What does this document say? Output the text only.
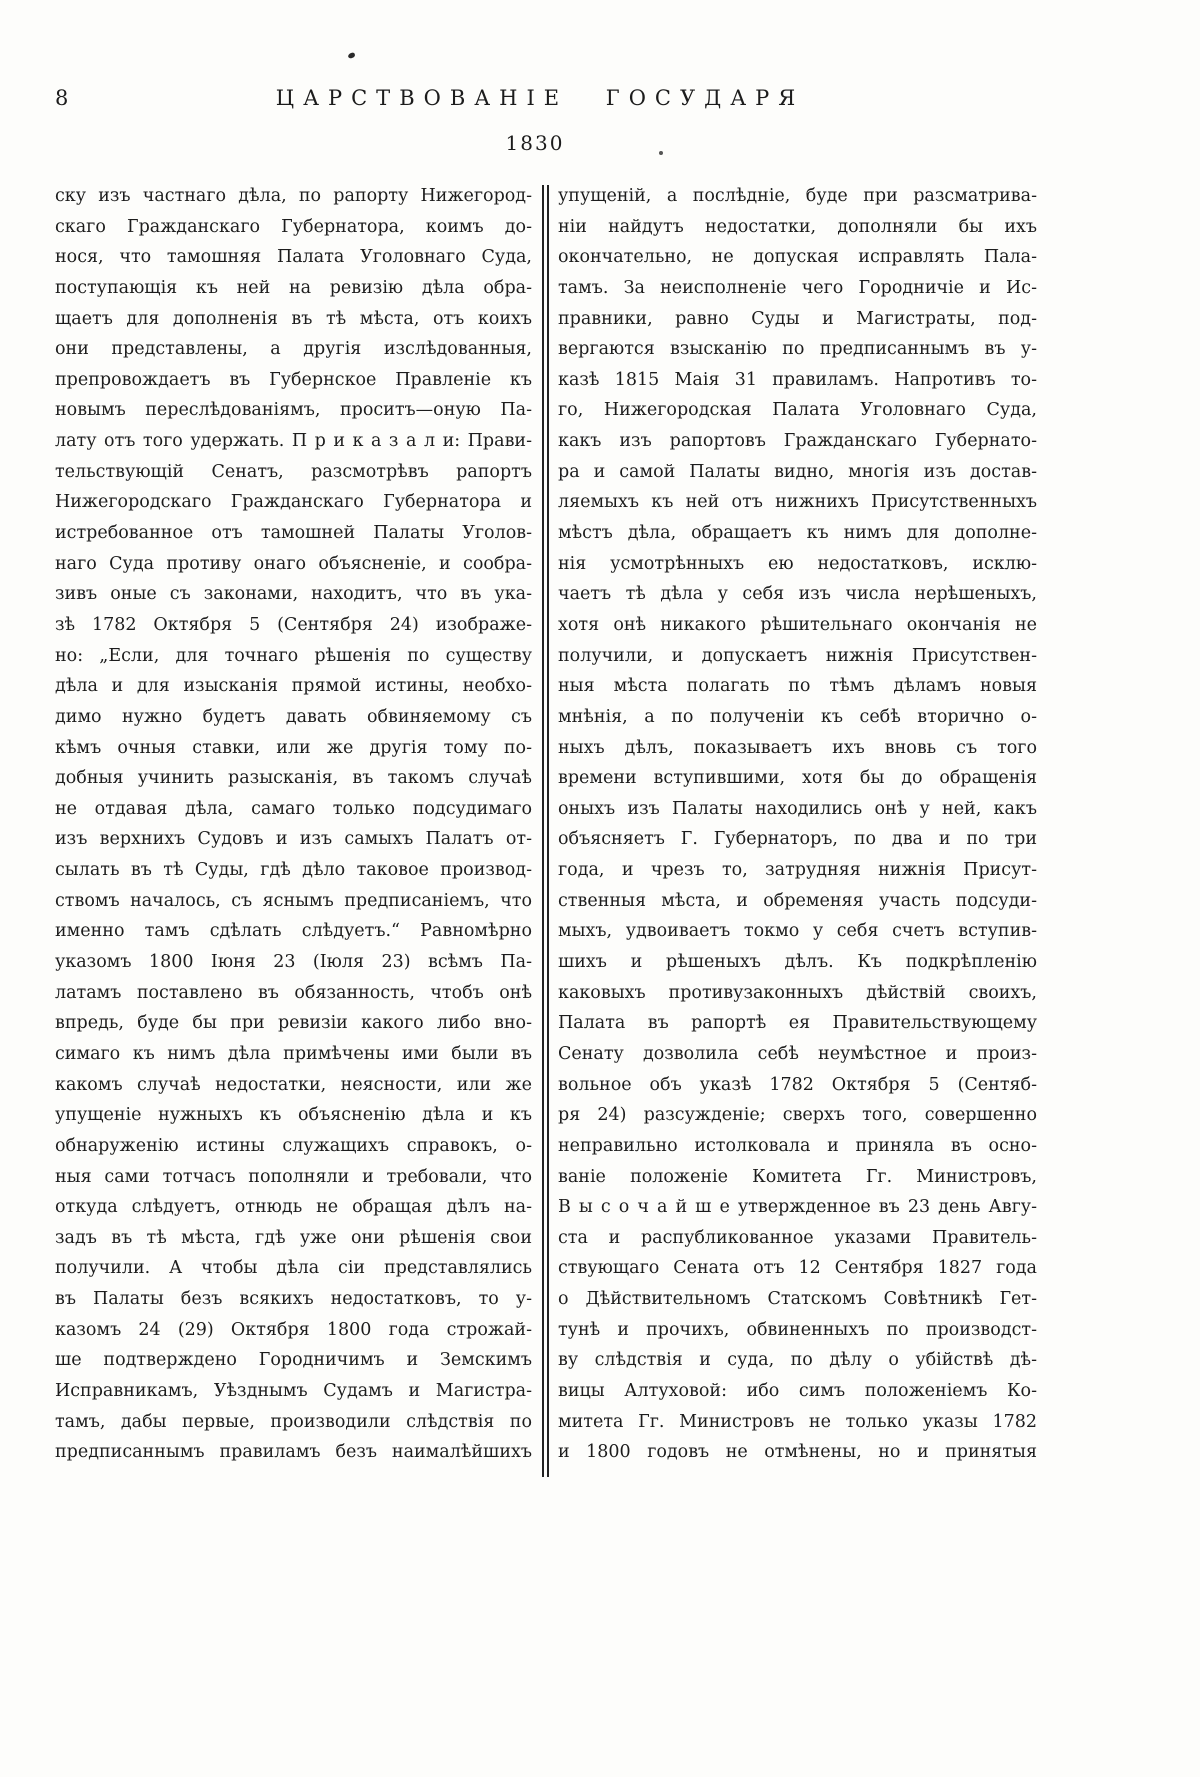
8	ЦАРСТВОВАНІЕ ГОСУДАРЯ
1830
ску изъ частнаго дѣла, по рапорту Нижегород-
скаго Гражданскаго Губернатора, коимъ до-
нося, что тамошняя Палата Уголовнаго Суда,
поступающія къ ней на ревизію дѣла обра-
щаетъ для дополненія въ тѣ мѣста, отъ коихъ
они представлены, а другія изслѣдованныя,
препровождаетъ въ Губернское Правленіе къ
новымъ переслѣдованіямъ, проситъ—оную Па-
лату отъ того удержать. П р и к а з а л и: Прави-
тельствующій Сенатъ, разсмотрѣвъ рапортъ
Нижегородскаго Гражданскаго Губернатора и
истребованное отъ тамошней Палаты Уголов-
наго Суда противу онаго объясненіе, и сообра-
зивъ оные съ законами, находитъ, что въ ука-
зѣ 1782 Октября 5 (Сентября 24) изображе-
но: „Если, для точнаго рѣшенія по существу
дѣла и для изысканія прямой истины, необхо-
димо нужно будетъ давать обвиняемому съ
кѣмъ очныя ставки, или же другія тому по-
добныя учинить разысканія, въ такомъ случаѣ
не отдавая дѣла, самаго только подсудимаго
изъ верхнихъ Судовъ и изъ самыхъ Палатъ от-
сылать въ тѣ Суды, гдѣ дѣло таковое производ-
ствомъ началось, съ яснымъ предписаніемъ, что
именно тамъ сдѣлать слѣдуетъ.“ Равномѣрно
указомъ 1800 Іюня 23 (Іюля 23) всѣмъ Па-
латамъ поставлено въ обязанность, чтобъ онѣ
впредь, буде бы при ревизіи какого либо вно-
симаго къ нимъ дѣла примѣчены ими были въ
какомъ случаѣ недостатки, неясности, или же
упущеніе нужныхъ къ объясненію дѣла и къ
обнаруженію истины служащихъ справокъ, о-
ныя сами тотчасъ пополняли и требовали, что
откуда слѣдуетъ, отнюдь не обращая дѣлъ на-
задъ въ тѣ мѣста, гдѣ уже они рѣшенія свои
получили. А чтобы дѣла сіи представлялись
въ Палаты безъ всякихъ недостатковъ, то у-
казомъ 24 (29) Октября 1800 года строжай-
ше подтверждено Городничимъ и Земскимъ
Исправникамъ, Уѣзднымъ Судамъ и Магистра-
тамъ, дабы первые, производили слѣдствія по
предписаннымъ правиламъ безъ наималѣйшихъ
упущеній, а послѣдніе, буде при разсматрива-
ніи найдутъ недостатки, дополняли бы ихъ
окончательно, не допуская исправлять Пала-
тамъ. За неисполненіе чего Городничіе и Ис-
правники, равно Суды и Магистраты, под-
вергаются взысканію по предписаннымъ въ у-
казѣ 1815 Маія 31 правиламъ. Напротивъ то-
го, Нижегородская Палата Уголовнаго Суда,
какъ изъ рапортовъ Гражданскаго Губернато-
ра и самой Палаты видно, многія изъ достав-
ляемыхъ къ ней отъ нижнихъ Присутственныхъ
мѣстъ дѣла, обращаетъ къ нимъ для дополне-
нія усмотрѣнныхъ ею недостатковъ, исклю-
чаетъ тѣ дѣла у себя изъ числа нерѣшеныхъ,
хотя онѣ никакого рѣшительнаго окончанія не
получили, и допускаетъ нижнія Присутствен-
ныя мѣста полагать по тѣмъ дѣламъ новыя
мнѣнія, а по полученіи къ себѣ вторично о-
ныхъ дѣлъ, показываетъ ихъ вновь съ того
времени вступившими, хотя бы до обращенія
оныхъ изъ Палаты находились онѣ у ней, какъ
объясняетъ Г. Губернаторъ, по два и по три
года, и чрезъ то, затрудняя нижнія Присут-
ственныя мѣста, и обременяя участь подсуди-
мыхъ, удвоиваетъ токмо у себя счетъ вступив-
шихъ и рѣшеныхъ дѣлъ. Къ подкрѣпленію
каковыхъ противузаконныхъ дѣйствій своихъ,
Палата въ рапортѣ ея Правительствующему
Сенату дозволила себѣ неумѣстное и произ-
вольное объ указѣ 1782 Октября 5 (Сентяб-
ря 24) разсужденіе; сверхъ того, совершенно
неправильно истолковала и приняла въ осно-
ваніе положеніе Комитета Гг. Министровъ,
В ы с о ч а й ш е утвержденное въ 23 день Авгу-
ста и распубликованное указами Правитель-
ствующаго Сената отъ 12 Сентября 1827 года
о Дѣйствительномъ Статскомъ Совѣтникѣ Гет-
тунѣ и прочихъ, обвиненныхъ по производст-
ву слѣдствія и суда, по дѣлу о убійствѣ дѣ-
вицы Алтуховой: ибо симъ положеніемъ Ко-
митета Гг. Министровъ не только указы 1782
и 1800 годовъ не отмѣнены, но и принятыя
